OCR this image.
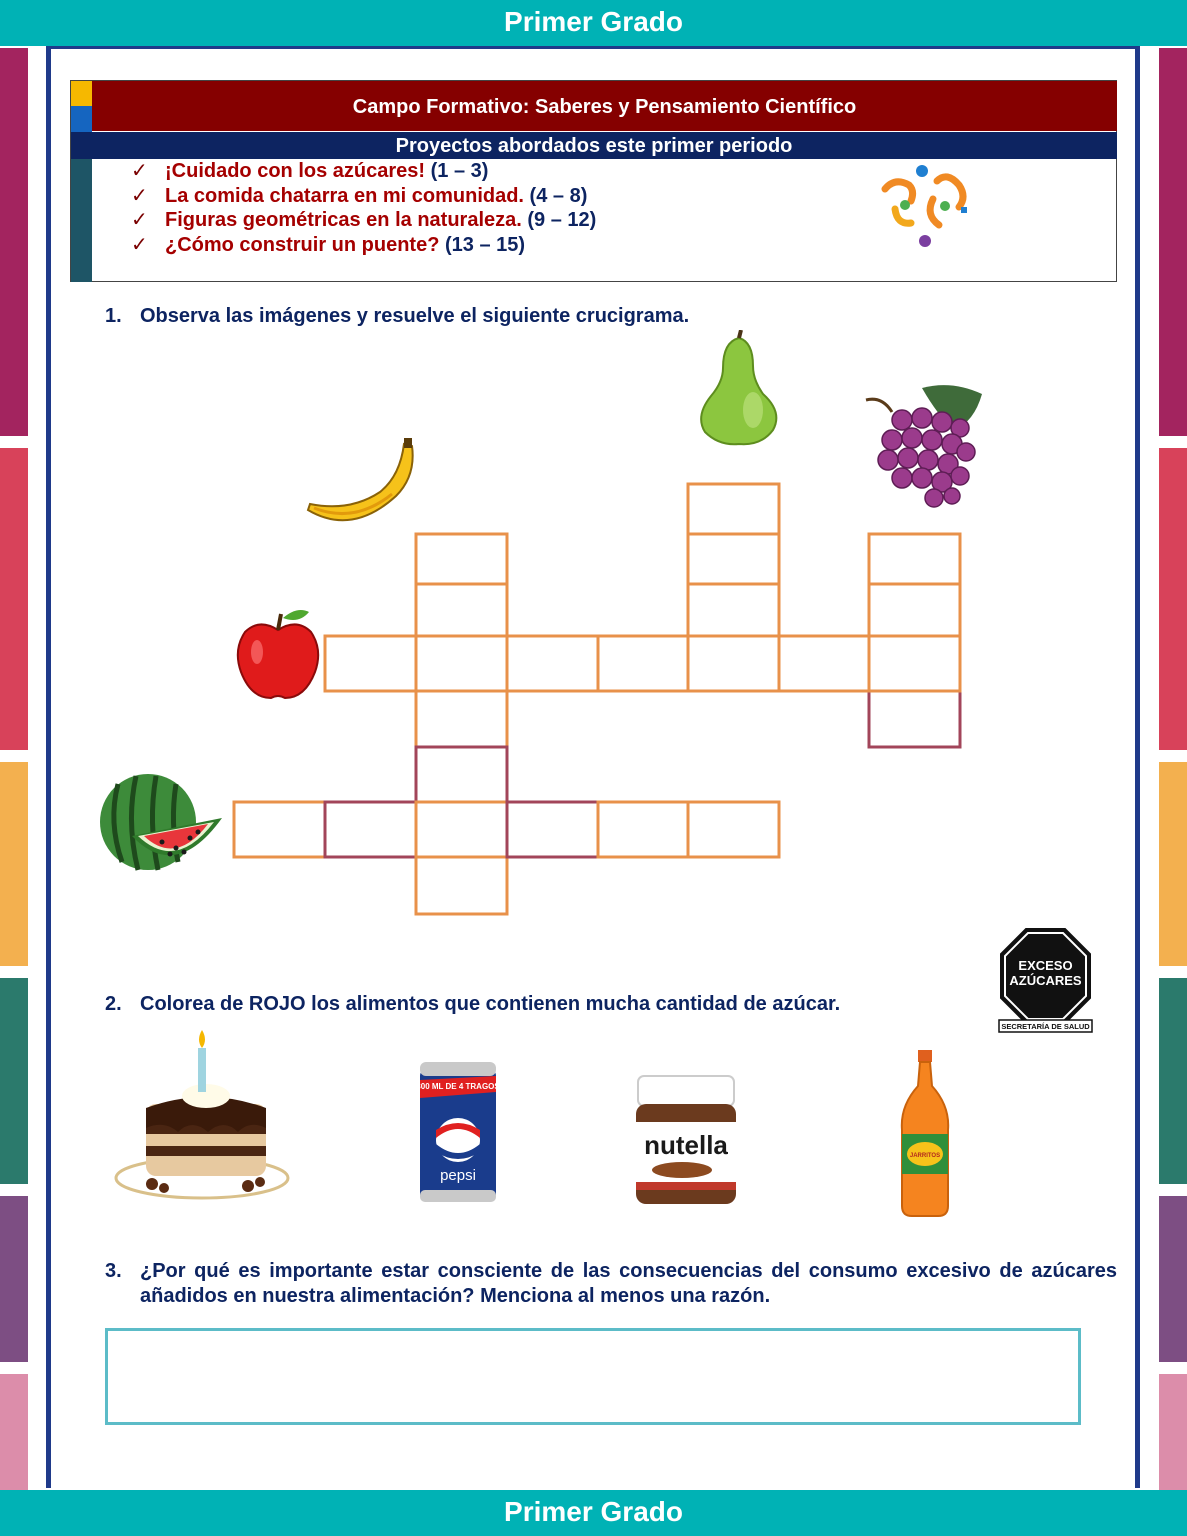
Primer Grado
Primer Grado
Campo Formativo: Saberes y Pensamiento Científico
Proyectos abordados este primer periodo
✓ ¡Cuidado con los azúcares! (1 – 3)
✓ La comida chatarra en mi comunidad. (4 – 8)
✓ Figuras geométricas en la naturaleza. (9 – 12)
✓ ¿Cómo construir un puente? (13 – 15)
1. Observa las imágenes y resuelve el siguiente crucigrama.
EXCESO
AZÚCARES
SECRETARÍA DE SALUD
2. Colorea de ROJO los alimentos que contienen mucha cantidad de azúcar.
¡300 ML DE 4 TRAGOS!
pepsi
nutella	JARRITOS
3. ¿Por qué es importante estar consciente de las consecuencias del consumo excesivo de azúcares añadidos en nuestra alimentación? Menciona al menos una razón.
